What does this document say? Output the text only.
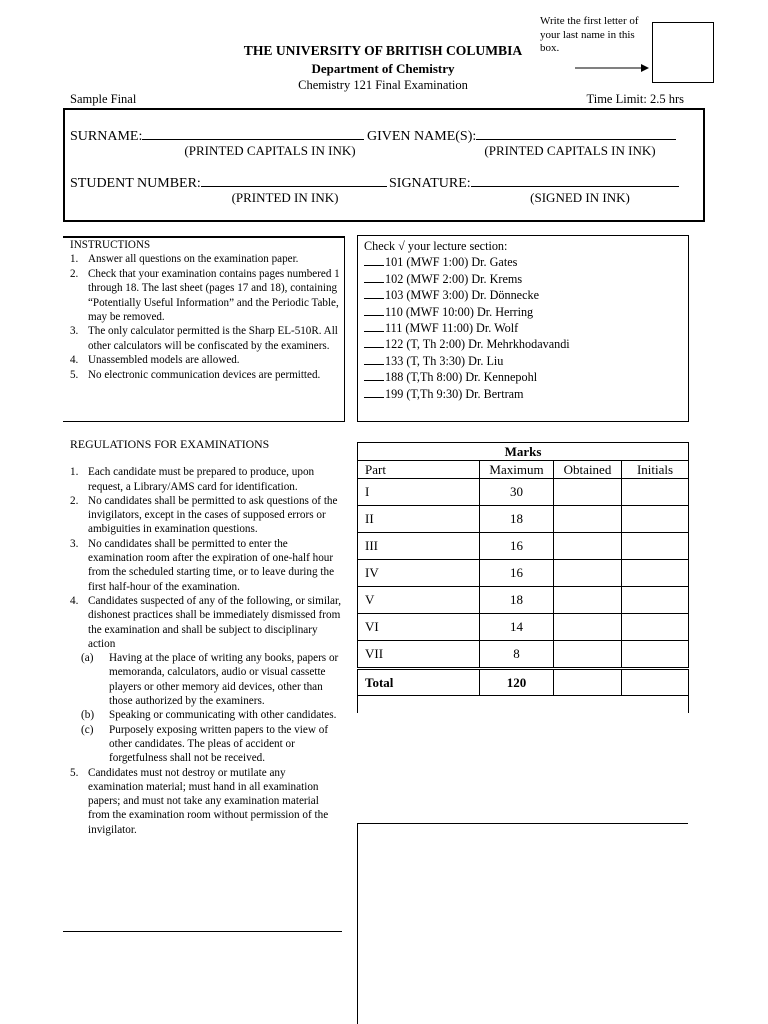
THE UNIVERSITY OF BRITISH COLUMBIA
Department of Chemistry
Chemistry 121 Final Examination
Sample Final	Time Limit: 2.5 hrs
Write the first letter of your last name in this box.
SURNAME:
(PRINTED CAPITALS IN INK)
GIVEN NAME(S):
(PRINTED CAPITALS IN INK)
STUDENT NUMBER:
(PRINTED IN INK)
SIGNATURE:
(SIGNED IN INK)
INSTRUCTIONS
1. Answer all questions on the examination paper.
2. Check that your examination contains pages numbered 1 through 18. The last sheet (pages 17 and 18), containing “Potentially Useful Information” and the Periodic Table, may be removed.
3. The only calculator permitted is the Sharp EL-510R. All other calculators will be confiscated by the examiners.
4. Unassembled models are allowed.
5. No electronic communication devices are permitted.
Check √ your lecture section:
101 (MWF 1:00) Dr. Gates
102 (MWF 2:00) Dr. Krems
103 (MWF 3:00) Dr. Dönnecke
110 (MWF 10:00) Dr. Herring
111 (MWF 11:00) Dr. Wolf
122 (T, Th 2:00) Dr. Mehrkhodavandi
133 (T, Th 3:30) Dr. Liu
188 (T,Th 8:00) Dr. Kennepohl
199 (T,Th 9:30) Dr. Bertram
REGULATIONS FOR EXAMINATIONS
1. Each candidate must be prepared to produce, upon request, a Library/AMS card for identification.
2. No candidates shall be permitted to ask questions of the invigilators, except in the cases of supposed errors or ambiguities in examination questions.
3. No candidates shall be permitted to enter the examination room after the expiration of one-half hour from the scheduled starting time, or to leave during the first half-hour of the examination.
4. Candidates suspected of any of the following, or similar, dishonest practices shall be immediately dismissed from the examination and shall be subject to disciplinary action
(a) Having at the place of writing any books, papers or memoranda, calculators, audio or visual cassette players or other memory aid devices, other than those authorized by the examiners.
(b) Speaking or communicating with other candidates.
(c) Purposely exposing written papers to the view of other candidates. The pleas of accident or forgetfulness shall not be received.
5. Candidates must not destroy or mutilate any examination material; must hand in all examination papers; and must not take any examination material from the examination room without permission of the invigilator.
Marks			
Part	Maximum	Obtained	Initials
I	30		
II	18		
III	16		
IV	16		
V	18		
VI	14		
VII	8		
Total	120		
